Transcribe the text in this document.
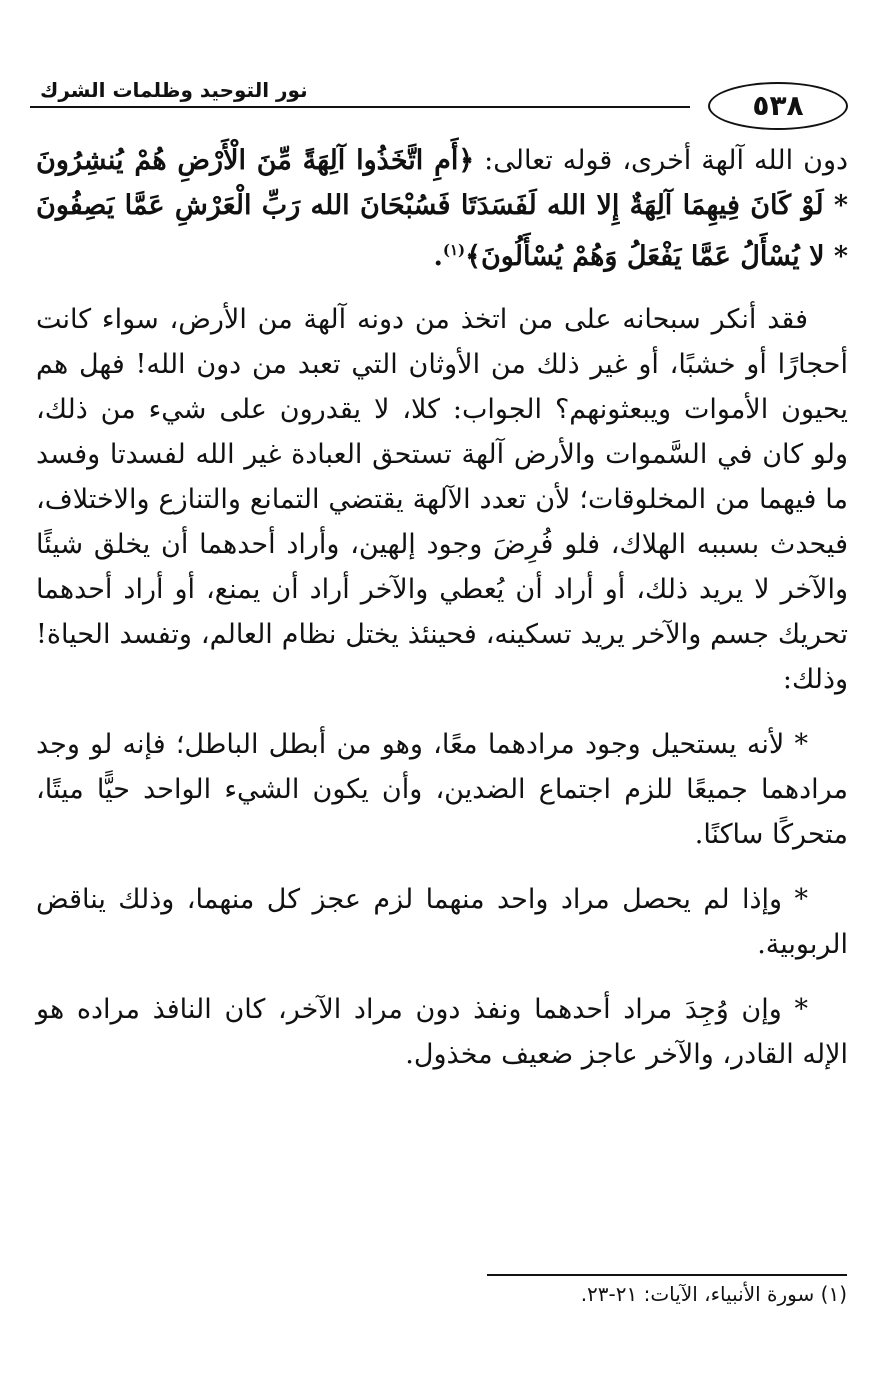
نور التوحيد وظلمات الشرك	٥٣٨

دون الله آلهة أخرى، قوله تعالى: ﴿أَمِ اتَّخَذُوا آلِهَةً مِّنَ الْأَرْضِ هُمْ يُنشِرُونَ * لَوْ كَانَ فِيهِمَا آلِهَةٌ إِلا الله لَفَسَدَتَا فَسُبْحَانَ الله رَبِّ الْعَرْشِ عَمَّا يَصِفُونَ * لا يُسْأَلُ عَمَّا يَفْعَلُ وَهُمْ يُسْأَلُونَ﴾$^{(١)}$.

فقد أنكر سبحانه على من اتخذ من دونه آلهة من الأرض، سواء كانت أحجارًا أو خشبًا، أو غير ذلك من الأوثان التي تعبد من دون الله! فهل هم يحيون الأموات ويبعثونهم؟ الجواب: كلا، لا يقدرون على شيء من ذلك، ولو كان في السَّموات والأرض آلهة تستحق العبادة غير الله لفسدتا وفسد ما فيهما من المخلوقات؛ لأن تعدد الآلهة يقتضي التمانع والتنازع والاختلاف، فيحدث بسببه الهلاك، فلو فُرِضَ وجود إلهين، وأراد أحدهما أن يخلق شيئًا والآخر لا يريد ذلك، أو أراد أن يُعطي والآخر أراد أن يمنع، أو أراد أحدهما تحريك جسم والآخر يريد تسكينه، فحينئذ يختل نظام العالم، وتفسد الحياة! وذلك:

* لأنه يستحيل وجود مرادهما معًا، وهو من أبطل الباطل؛ فإنه لو وجد مرادهما جميعًا للزم اجتماع الضدين، وأن يكون الشيء الواحد حيًّا ميتًا، متحركًا ساكنًا.

* وإذا لم يحصل مراد واحد منهما لزم عجز كل منهما، وذلك يناقض الربوبية.

* وإن وُجِدَ مراد أحدهما ونفذ دون مراد الآخر، كان النافذ مراده هو الإله القادر، والآخر عاجز ضعيف مخذول.

(١) سورة الأنبياء، الآيات: ٢١-٢٣.
